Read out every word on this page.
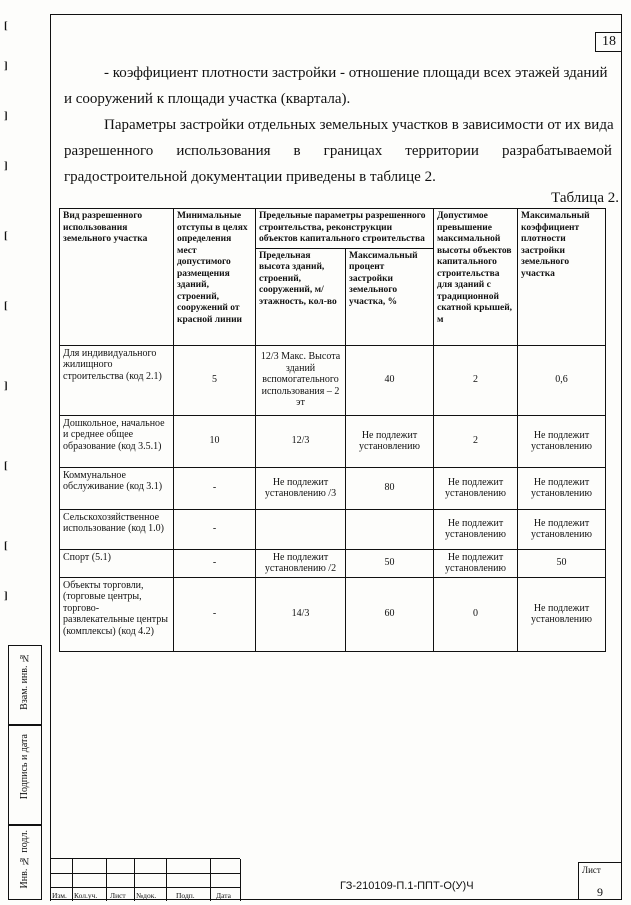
[
]
]
]
[
[
]
[
[
]
Взам. инв. №
Подпись и дата
Инв. № подл.
18
- коэффициент плотности застройки - отношение площади всех этажей зданий
и сооружений к площади участка (квартала).
Параметры застройки отдельных земельных участков в зависимости от их вида
разрешенного использования в границах территории разрабатываемой
градостроительной документации приведены в таблице 2.
Таблица 2.
Вид разрешенного использования земельного участка	Минимальные отступы в целях определения мест допустимого размещения зданий, строений, сооружений от красной линии	Предельные параметры разрешенного строительства, реконструкции объектов капитального строительства		Допустимое превышение максимальной высоты объектов капитального строительства для зданий с традиционной скатной крышей, м	Максимальный коэффициент плотности застройки земельного участка
		Предельная высота зданий, строений, сооружений, м/ этажность, кол-во	Максимальный процент застройки земельного участка, %		
Для индивидуального жилищного строительства (код 2.1)	5	12/3 Макс. Высота зданий вспомогательного использования – 2 эт	40	2	0,6
Дошкольное, начальное и среднее общее образование (код 3.5.1)	10	12/3	Не подлежит установлению	2	Не подлежит установлению
Коммунальное обслуживание (код 3.1)	-	Не подлежит установлению /3	80	Не подлежит установлению	Не подлежит установлению
Сельскохозяйственное использование (код 1.0)	-			Не подлежит установлению	Не подлежит установлению
Спорт (5.1)	-	Не подлежит установлению /2	50	Не подлежит установлению	50
Объекты торговли, (торговые центры, торгово-развлекательные центры (комплексы) (код 4.2)	-	14/3	60	0	Не подлежит установлению
Изм. Кол.уч. Лист №док.	Подп.	Дата
ГЗ-210109-П.1-ППТ-О(У)Ч
Лист
9
